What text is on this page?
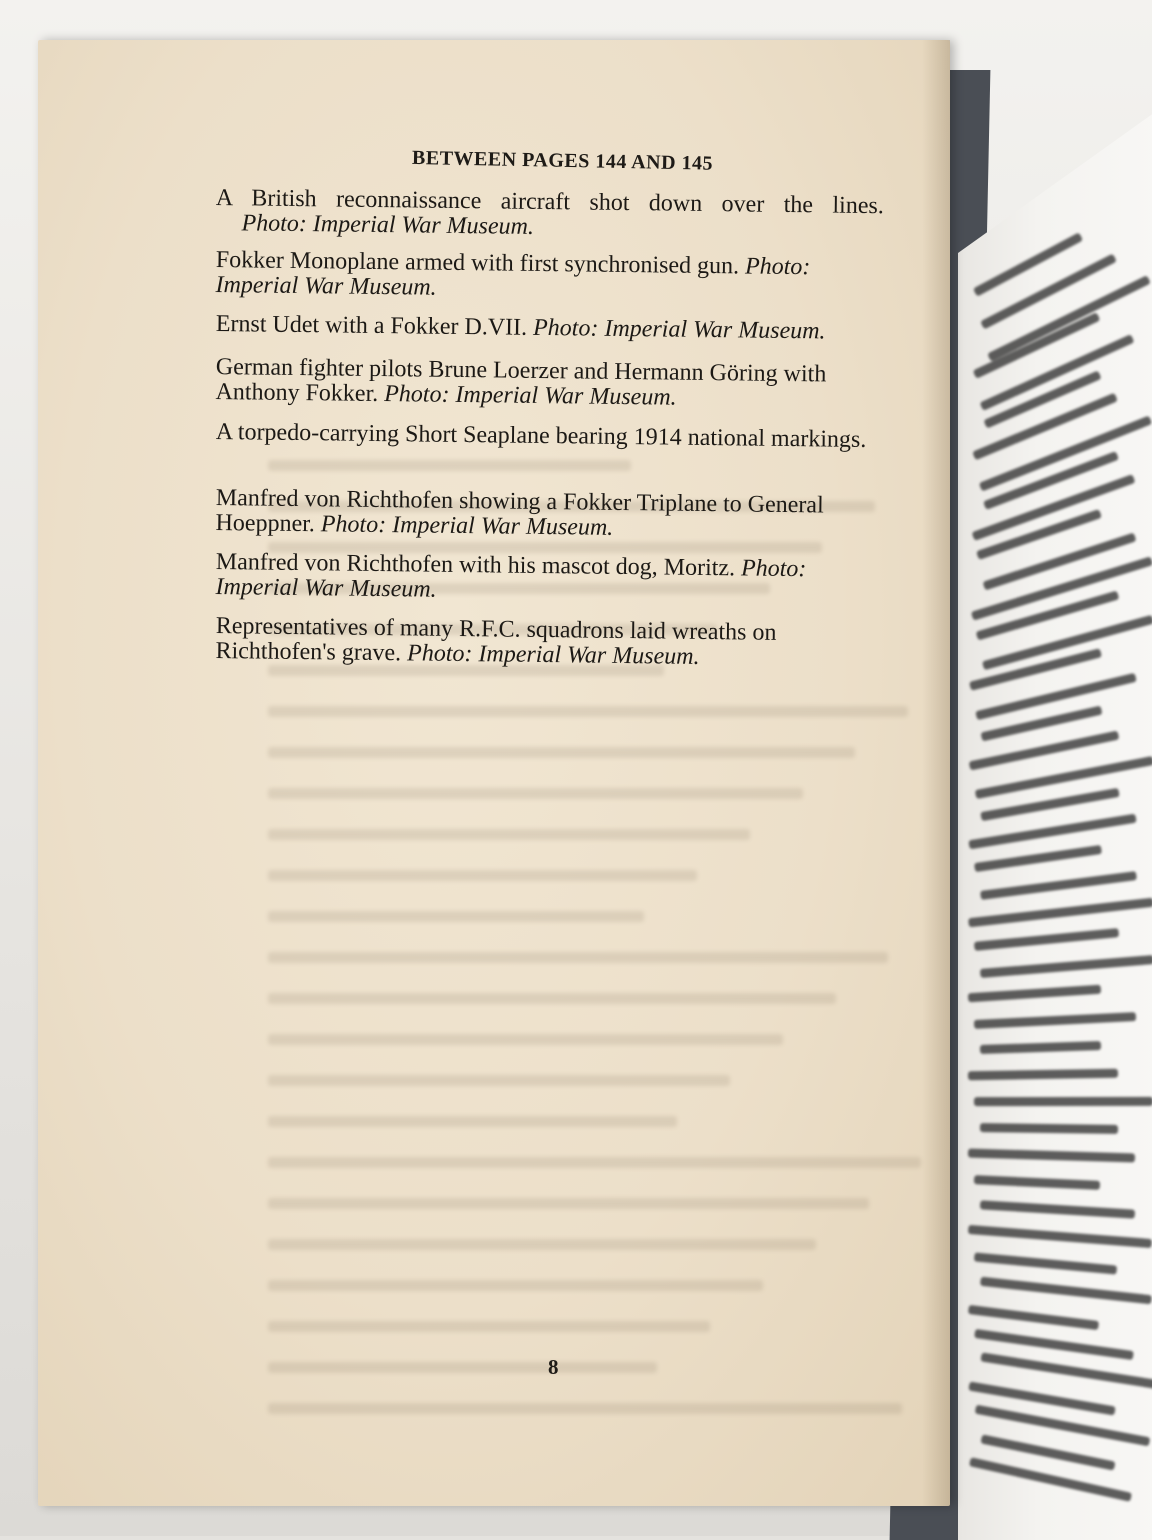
BETWEEN PAGES 144 AND 145
A British reconnaissance aircraft shot down over the lines.
Photo: Imperial War Museum.
Fokker Monoplane armed with first synchronised gun. Photo: Imperial War Museum.
Ernst Udet with a Fokker D.VII. Photo: Imperial War Museum.
German fighter pilots Brune Loerzer and Hermann Göring with Anthony Fokker. Photo: Imperial War Museum.
A torpedo-carrying Short Seaplane bearing 1914 national markings.
Manfred von Richthofen showing a Fokker Triplane to General Hoeppner. Photo: Imperial War Museum.
Manfred von Richthofen with his mascot dog, Moritz. Photo: Imperial War Museum.
Representatives of many R.F.C. squadrons laid wreaths on Richthofen's grave. Photo: Imperial War Museum.
8
